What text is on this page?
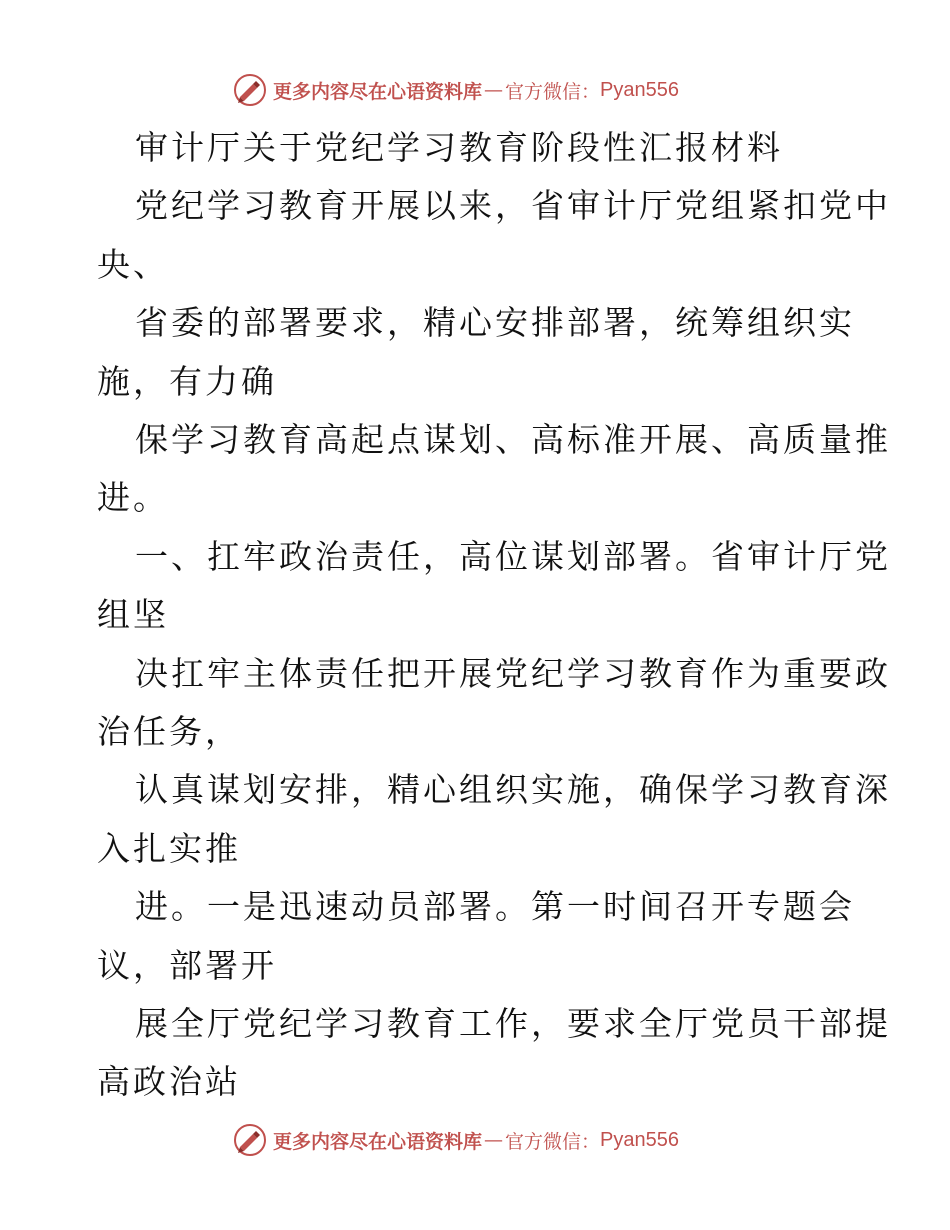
更多内容尽在心语资料库 — 官方微信： Pyan556
审计厅关于党纪学习教育阶段性汇报材料
党纪学习教育开展以来，省审计厅党组紧扣党中
央、
省委的部署要求，精心安排部署，统筹组织实
施，有力确
保学习教育高起点谋划、高标准开展、高质量推
进。
一、扛牢政治责任，高位谋划部署。省审计厅党
组坚
决扛牢主体责任把开展党纪学习教育作为重要政
治任务，
认真谋划安排，精心组织实施，确保学习教育深
入扎实推
进。一是迅速动员部署。第一时间召开专题会
议，部署开
展全厅党纪学习教育工作，要求全厅党员干部提
高政治站
更多内容尽在心语资料库 — 官方微信： Pyan556
